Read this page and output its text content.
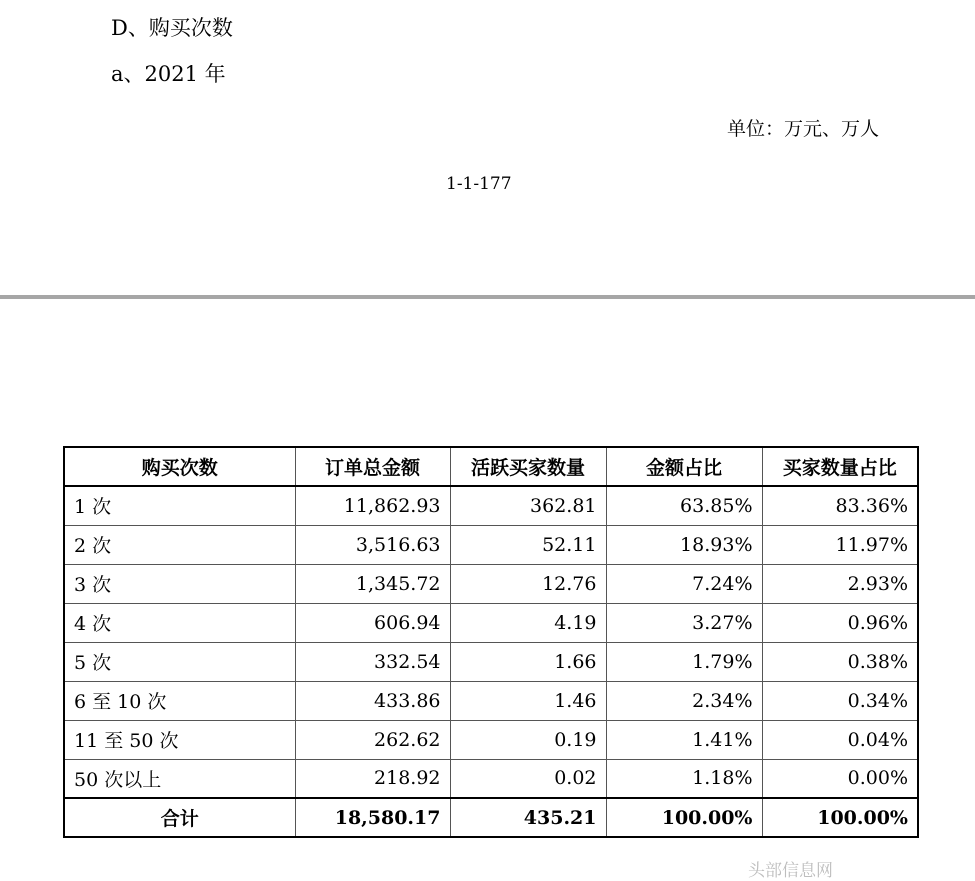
D、购买次数

a、2021 年

单位：万元、万人

1-1-177

购买次数	订单总金额	活跃买家数量	金额占比	买家数量占比
1 次	11,862.93	362.81	63.85%	83.36%
2 次	3,516.63	52.11	18.93%	11.97%
3 次	1,345.72	12.76	7.24%	2.93%
4 次	606.94	4.19	3.27%	0.96%
5 次	332.54	1.66	1.79%	0.38%
6 至 10 次	433.86	1.46	2.34%	0.34%
11 至 50 次	262.62	0.19	1.41%	0.04%
50 次以上	218.92	0.02	1.18%	0.00%
合计	18,580.17	435.21	100.00%	100.00%
头部信息网
